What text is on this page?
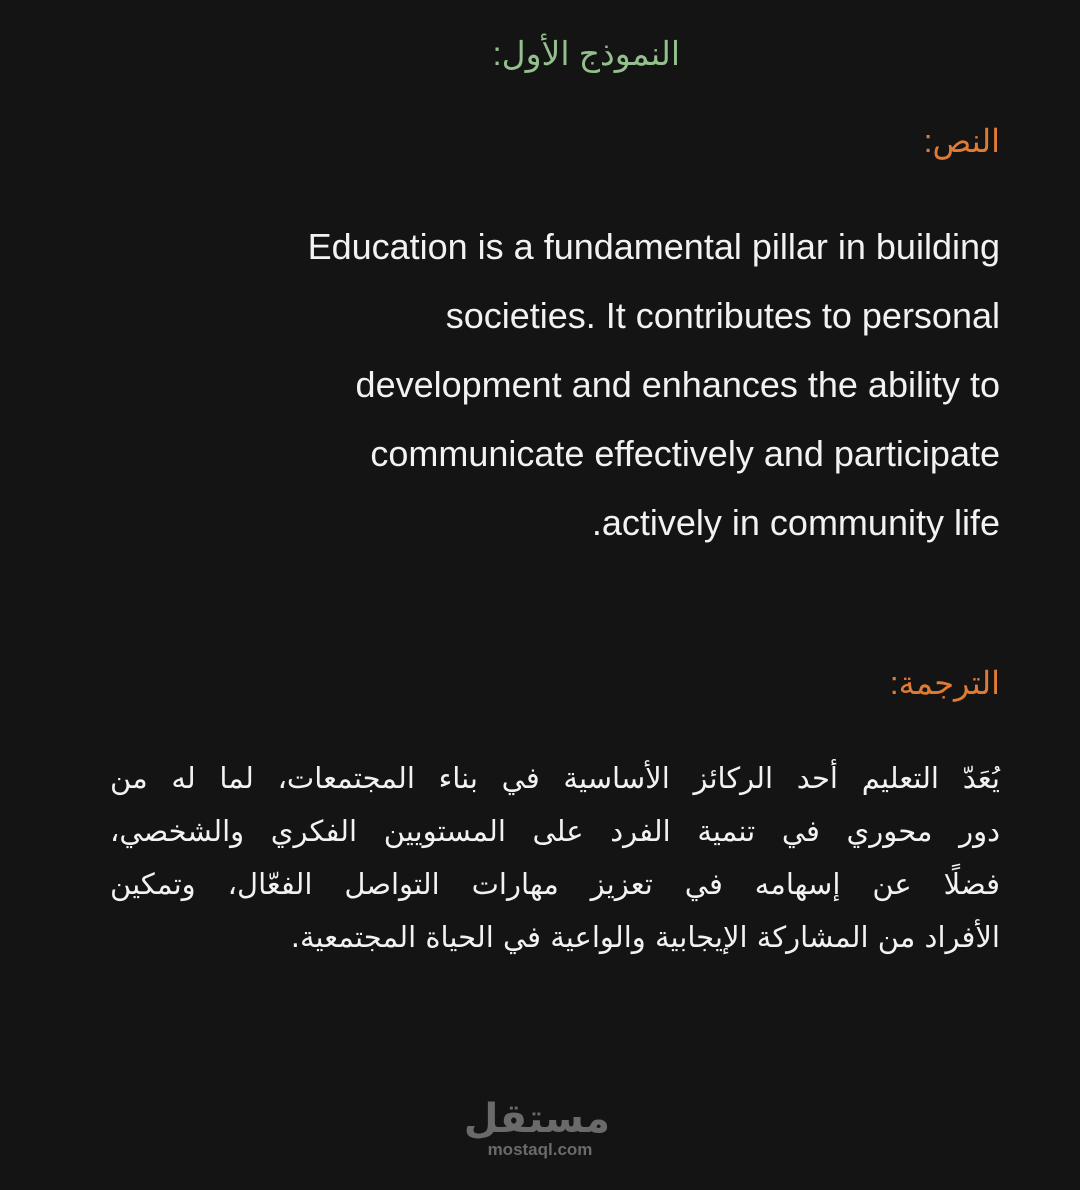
النموذج الأول:
النص:
Education is a fundamental pillar in building
societies. It contributes to personal
development and enhances the ability to
communicate effectively and participate
actively in community life.
الترجمة:
يُعَدّ التعليم أحد الركائز الأساسية في بناء المجتمعات، لما له من
دور محوري في تنمية الفرد على المستويين الفكري والشخصي،
فضلًا عن إسهامه في تعزيز مهارات التواصل الفعّال، وتمكين
الأفراد من المشاركة الإيجابية والواعية في الحياة المجتمعية.
مستقل
mostaql.com
